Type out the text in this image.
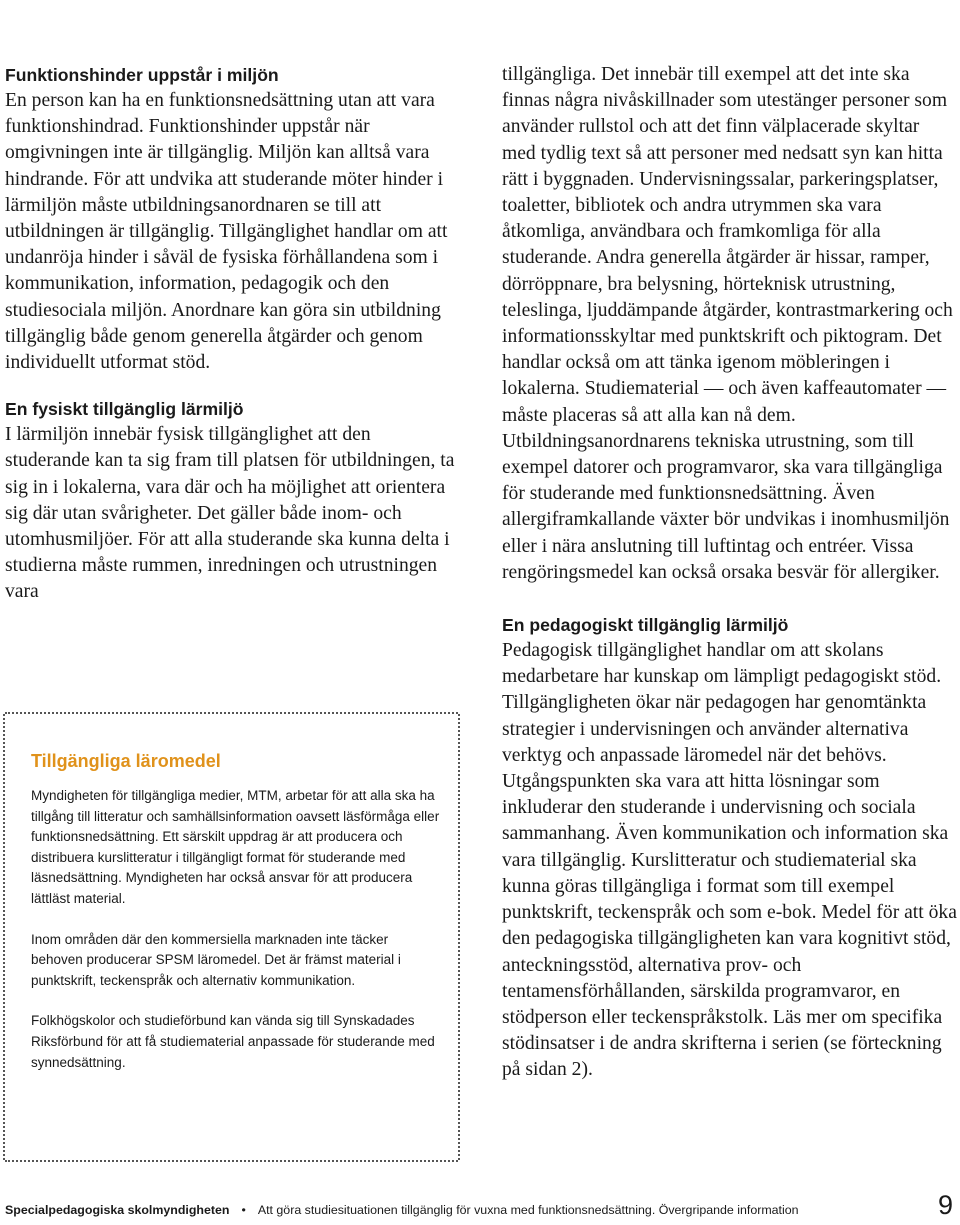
Funktionshinder uppstår i miljön

En person kan ha en funktionsnedsättning utan att vara funktionshindrad. Funktionshinder uppstår när omgivningen inte är tillgänglig. Miljön kan alltså vara hindrande. För att undvika att studerande möter hinder i lärmiljön måste utbildningsanordnaren se till att utbildningen är tillgänglig. Tillgänglighet handlar om att undanröja hinder i såväl de fysiska förhållandena som i kommunikation, information, pedagogik och den studiesociala miljön. Anordnare kan göra sin utbildning tillgänglig både genom generella åtgärder och genom individuellt utformat stöd.

En fysiskt tillgänglig lärmiljö

I lärmiljön innebär fysisk tillgänglighet att den studerande kan ta sig fram till platsen för utbildningen, ta sig in i lokalerna, vara där och ha möjlighet att orientera sig där utan svårigheter. Det gäller både inom- och utomhusmiljöer. För att alla studerande ska kunna delta i studierna måste rummen, inredningen och utrustningen vara

Tillgängliga läromedel

Myndigheten för tillgängliga medier, MTM, arbetar för att alla ska ha tillgång till litteratur och samhällsinformation oavsett läsförmåga eller funktionsnedsättning. Ett särskilt uppdrag är att producera och distribuera kurslitteratur i tillgängligt format för studerande med läsnedsättning. Myndigheten har också ansvar för att producera lättläst material.

Inom områden där den kommersiella marknaden inte täcker behoven producerar SPSM läromedel. Det är främst material i punktskrift, teckenspråk och alternativ kommunikation.

Folkhögskolor och studieförbund kan vända sig till Synskadades Riksförbund för att få studiematerial anpassade för studerande med synnedsättning.

tillgängliga. Det innebär till exempel att det inte ska finnas några nivåskillnader som utestänger personer som använder rullstol och att det finn välplacerade skyltar med tydlig text så att personer med nedsatt syn kan hitta rätt i byggnaden. Undervisningssalar, parkeringsplatser, toaletter, bibliotek och andra utrymmen ska vara åtkomliga, användbara och framkomliga för alla studerande. Andra generella åtgärder är hissar, ramper, dörröppnare, bra belysning, hörteknisk utrustning, teleslinga, ljuddämpande åtgärder, kontrastmarkering och informationsskyltar med punktskrift och piktogram. Det handlar också om att tänka igenom möbleringen i lokalerna. Studiematerial — och även kaffeautomater — måste placeras så att alla kan nå dem. Utbildningsanordnarens tekniska utrustning, som till exempel datorer och programvaror, ska vara tillgängliga för studerande med funktionsnedsättning. Även allergiframkallande växter bör undvikas i inomhusmiljön eller i nära anslutning till luftintag och entréer. Vissa rengöringsmedel kan också orsaka besvär för allergiker.

En pedagogiskt tillgänglig lärmiljö

Pedagogisk tillgänglighet handlar om att skolans medarbetare har kunskap om lämpligt pedagogiskt stöd. Tillgängligheten ökar när pedagogen har genomtänkta strategier i undervisningen och använder alternativa verktyg och anpassade läromedel när det behövs. Utgångspunkten ska vara att hitta lösningar som inkluderar den studerande i undervisning och sociala sammanhang. Även kommunikation och information ska vara tillgänglig. Kurslitteratur och studiematerial ska kunna göras tillgängliga i format som till exempel punktskrift, teckenspråk och som e-bok. Medel för att öka den pedagogiska tillgängligheten kan vara kognitivt stöd, anteckningsstöd, alternativa prov- och tentamensförhållanden, särskilda programvaror, en stödperson eller teckenspråkstolk. Läs mer om specifika stödinsatser i de andra skrifterna i serien (se förteckning på sidan 2).

Specialpedagogiska skolmyndigheten • Att göra studiesituationen tillgänglig för vuxna med funktionsnedsättning. Övergripande information	9
